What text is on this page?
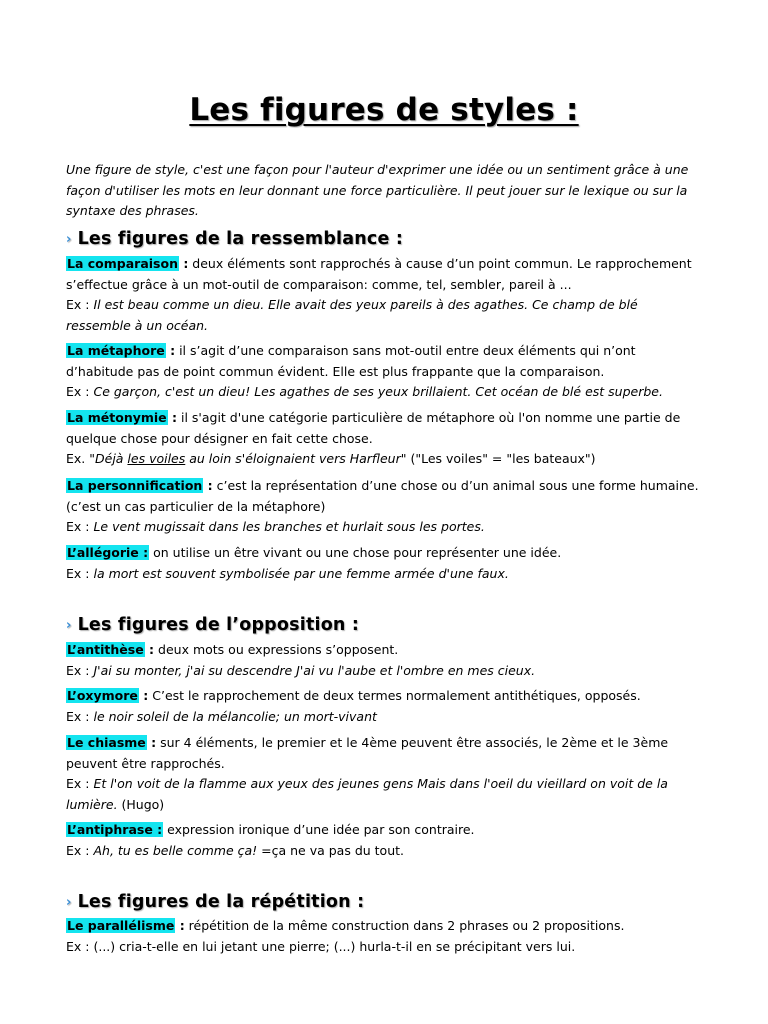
Les figures de styles :
Une figure de style, c'est une façon pour l'auteur d'exprimer une idée ou un sentiment grâce à une façon d'utiliser les mots en leur donnant une force particulière. Il peut jouer sur le lexique ou sur la syntaxe des phrases.
› Les figures de la ressemblance :
La comparaison : deux éléments sont rapprochés à cause d’un point commun. Le rapprochement s’effectue grâce à un mot-outil de comparaison: comme, tel, sembler, pareil à ...
Ex : Il est beau comme un dieu. Elle avait des yeux pareils à des agathes. Ce champ de blé ressemble à un océan.
La métaphore : il s’agit d’une comparaison sans mot-outil entre deux éléments qui n’ont d’habitude pas de point commun évident. Elle est plus frappante que la comparaison.
Ex : Ce garçon, c'est un dieu! Les agathes de ses yeux brillaient. Cet océan de blé est superbe.
La métonymie : il s'agit d'une catégorie particulière de métaphore où l'on nomme une partie de quelque chose pour désigner en fait cette chose.
Ex. "Déjà les voiles au loin s'éloignaient vers Harfleur" ("Les voiles" = "les bateaux")
La personnification : c’est la représentation d’une chose ou d’un animal sous une forme humaine. (c’est un cas particulier de la métaphore)
Ex : Le vent mugissait dans les branches et hurlait sous les portes.
L’allégorie : on utilise un être vivant ou une chose pour représenter une idée.
Ex : la mort est souvent symbolisée par une femme armée d'une faux.
› Les figures de l’opposition :
L’antithèse : deux mots ou expressions s’opposent.
Ex : J'ai su monter, j'ai su descendre J'ai vu l'aube et l'ombre en mes cieux.
L’oxymore : C’est le rapprochement de deux termes normalement antithétiques, opposés.
Ex : le noir soleil de la mélancolie; un mort-vivant
Le chiasme : sur 4 éléments, le premier et le 4ème peuvent être associés, le 2ème et le 3ème peuvent être rapprochés.
Ex : Et l'on voit de la flamme aux yeux des jeunes gens Mais dans l'oeil du vieillard on voit de la lumière. (Hugo)
L’antiphrase : expression ironique d’une idée par son contraire.
Ex : Ah, tu es belle comme ça! =ça ne va pas du tout.
› Les figures de la répétition :
Le parallélisme : répétition de la même construction dans 2 phrases ou 2 propositions.
Ex : (...) cria-t-elle en lui jetant une pierre; (...) hurla-t-il en se précipitant vers lui.
